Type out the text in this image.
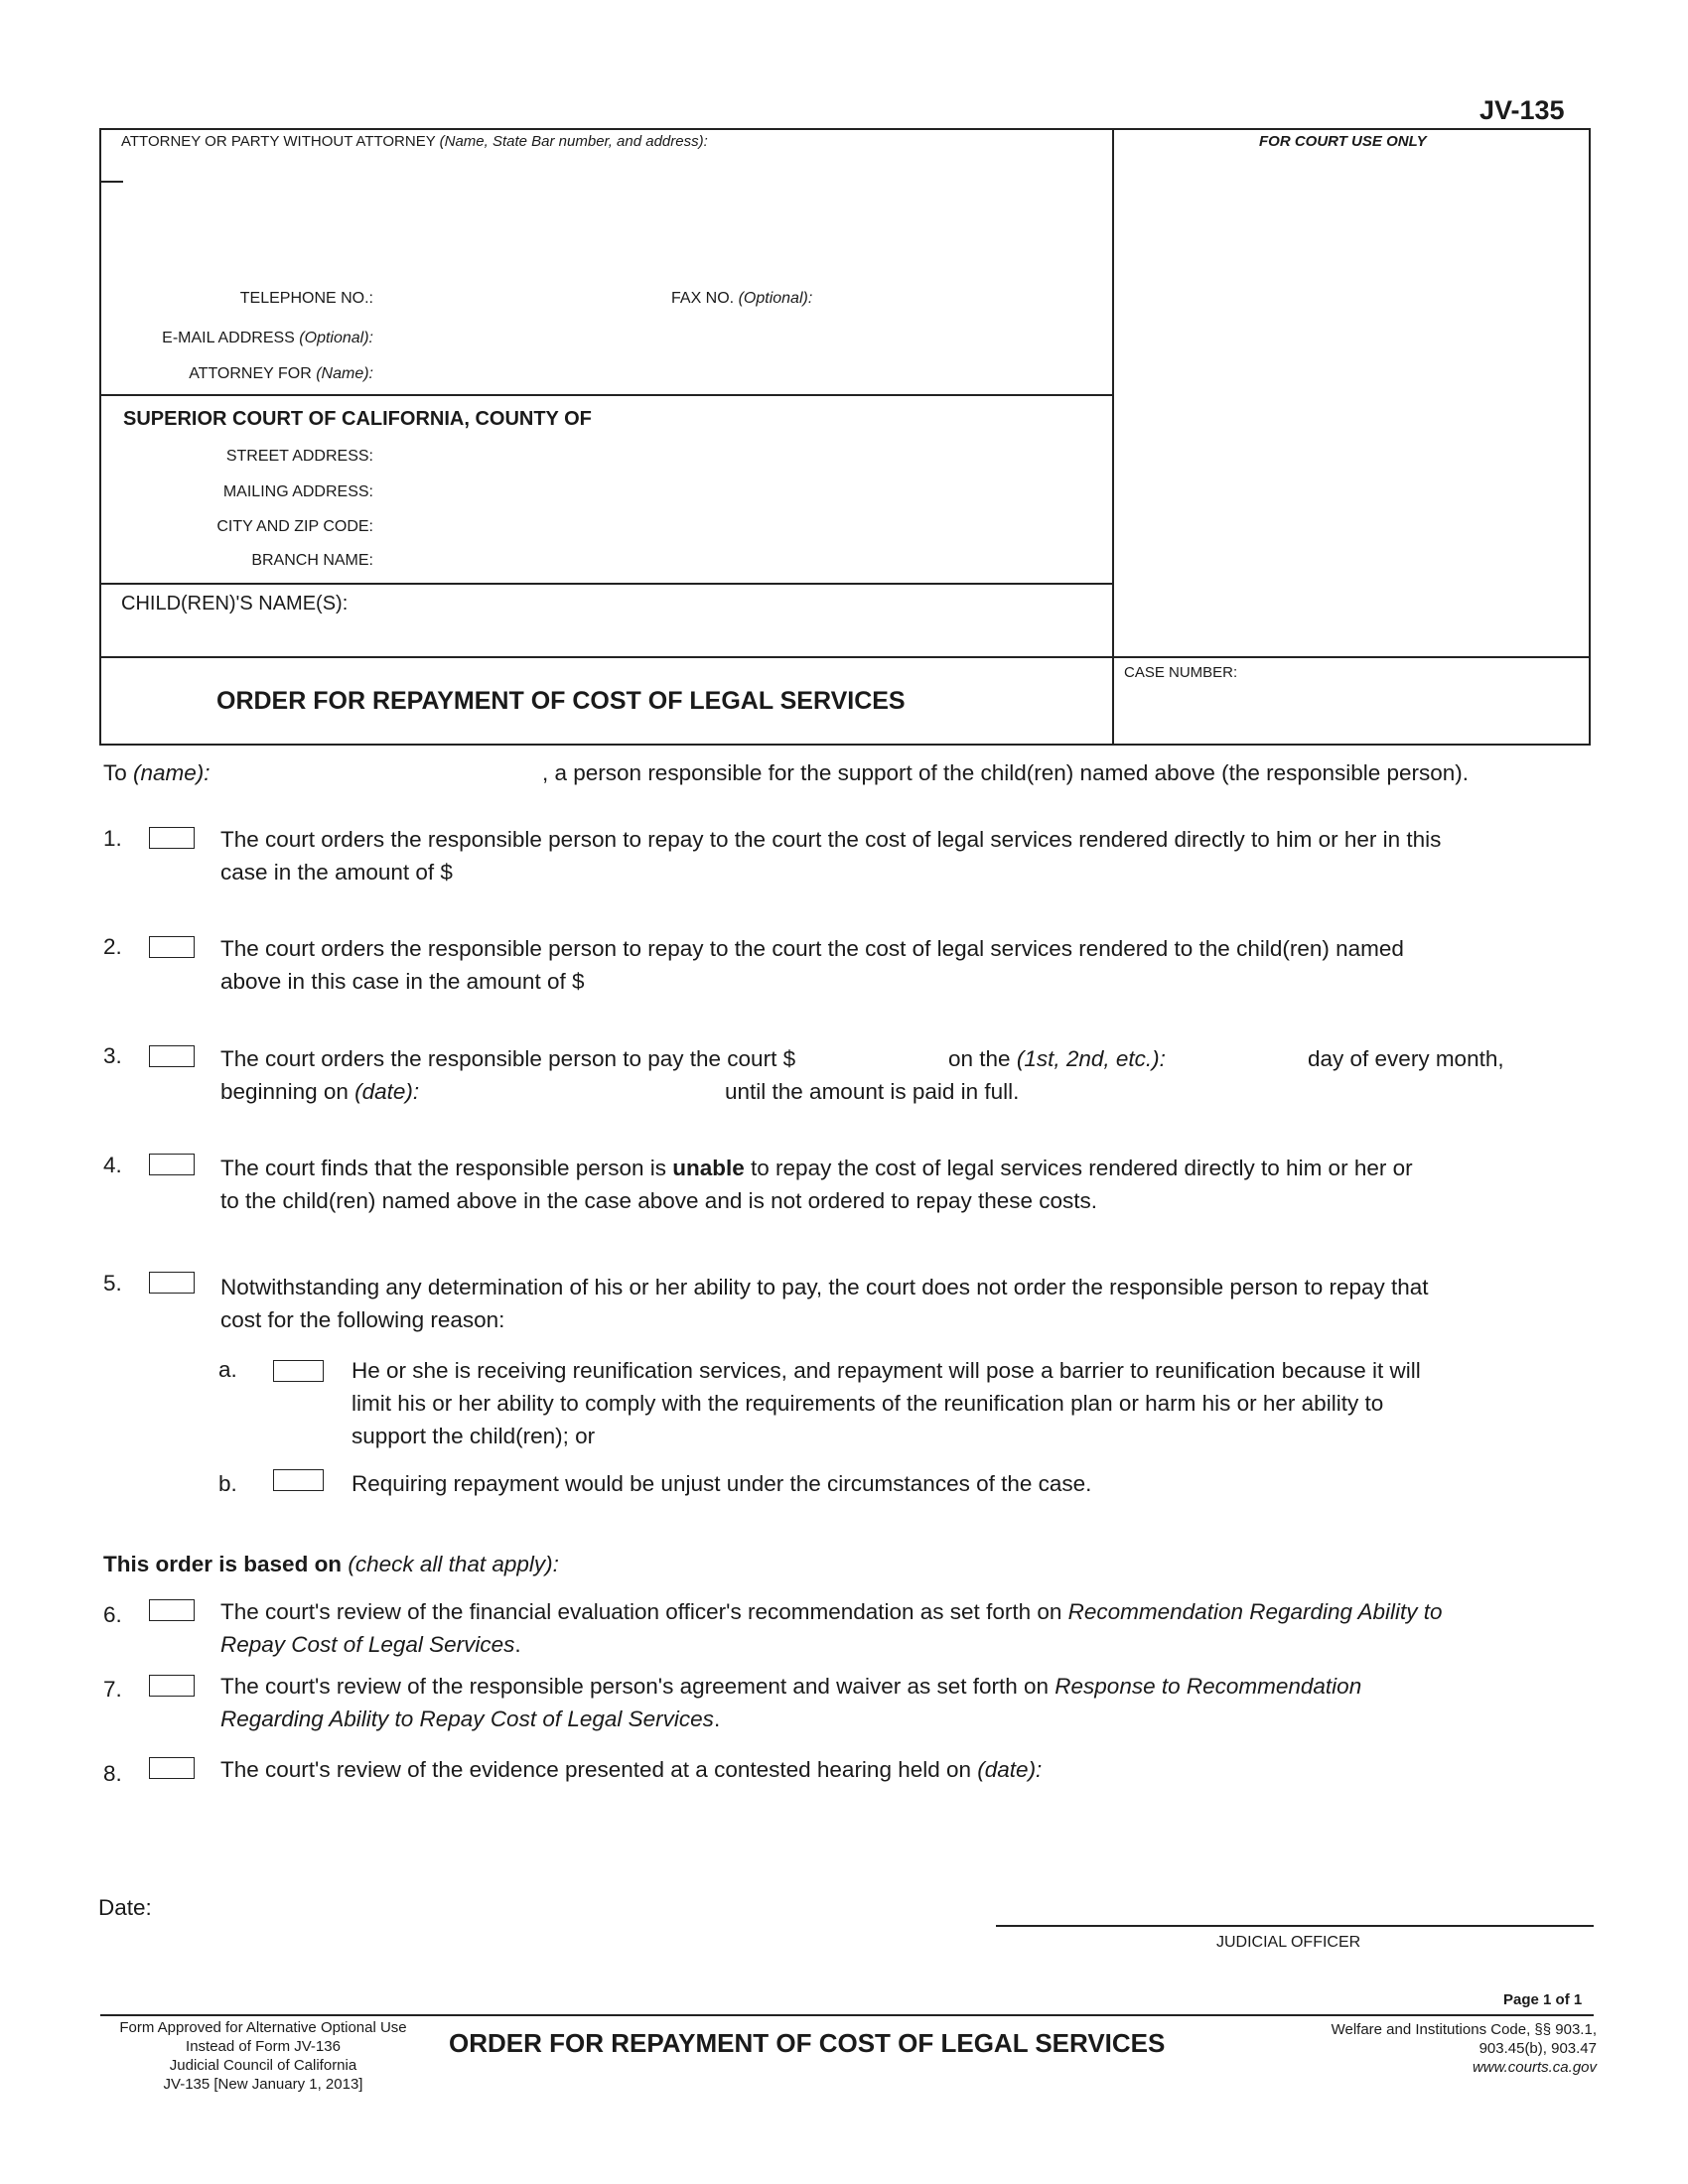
JV-135
ATTORNEY OR PARTY WITHOUT ATTORNEY (Name, State Bar number, and address):	FOR COURT USE ONLY
TELEPHONE NO.:	FAX NO. (Optional):
E-MAIL ADDRESS (Optional):
ATTORNEY FOR (Name):
SUPERIOR COURT OF CALIFORNIA, COUNTY OF
STREET ADDRESS:
MAILING ADDRESS:
CITY AND ZIP CODE:
BRANCH NAME:
CHILD(REN)'S NAME(S):
ORDER FOR REPAYMENT OF COST OF LEGAL SERVICES
CASE NUMBER:
To (name):	, a person responsible for the support of the child(ren) named above (the responsible person).
1.	The court orders the responsible person to repay to the court the cost of legal services rendered directly to him or her in this
case in the amount of $
2.	The court orders the responsible person to repay to the court the cost of legal services rendered to the child(ren) named
above in this case in the amount of $
3.	The court orders the responsible person to pay the court $	on the (1st, 2nd, etc.):	day of every month,
beginning on (date):	until the amount is paid in full.
4.	The court finds that the responsible person is unable to repay the cost of legal services rendered directly to him or her or
to the child(ren) named above in the case above and is not ordered to repay these costs.
5.	Notwithstanding any determination of his or her ability to pay, the court does not order the responsible person to repay that
cost for the following reason:
a.	He or she is receiving reunification services, and repayment will pose a barrier to reunification because it will
limit his or her ability to comply with the requirements of the reunification plan or harm his or her ability to
support the child(ren); or
b.	Requiring repayment would be unjust under the circumstances of the case.
This order is based on (check all that apply):
6.	The court's review of the financial evaluation officer's recommendation as set forth on Recommendation Regarding Ability to
Repay Cost of Legal Services.
7.	The court's review of the responsible person's agreement and waiver as set forth on Response to Recommendation
Regarding Ability to Repay Cost of Legal Services.
8.	The court's review of the evidence presented at a contested hearing held on (date):
Date:
JUDICIAL OFFICER
Page 1 of 1
Form Approved for Alternative Optional Use
Instead of Form JV-136
Judicial Council of California
JV-135 [New January 1, 2013]
ORDER FOR REPAYMENT OF COST OF LEGAL SERVICES	Welfare and Institutions Code, §§ 903.1,
903.45(b), 903.47
www.courts.ca.gov
